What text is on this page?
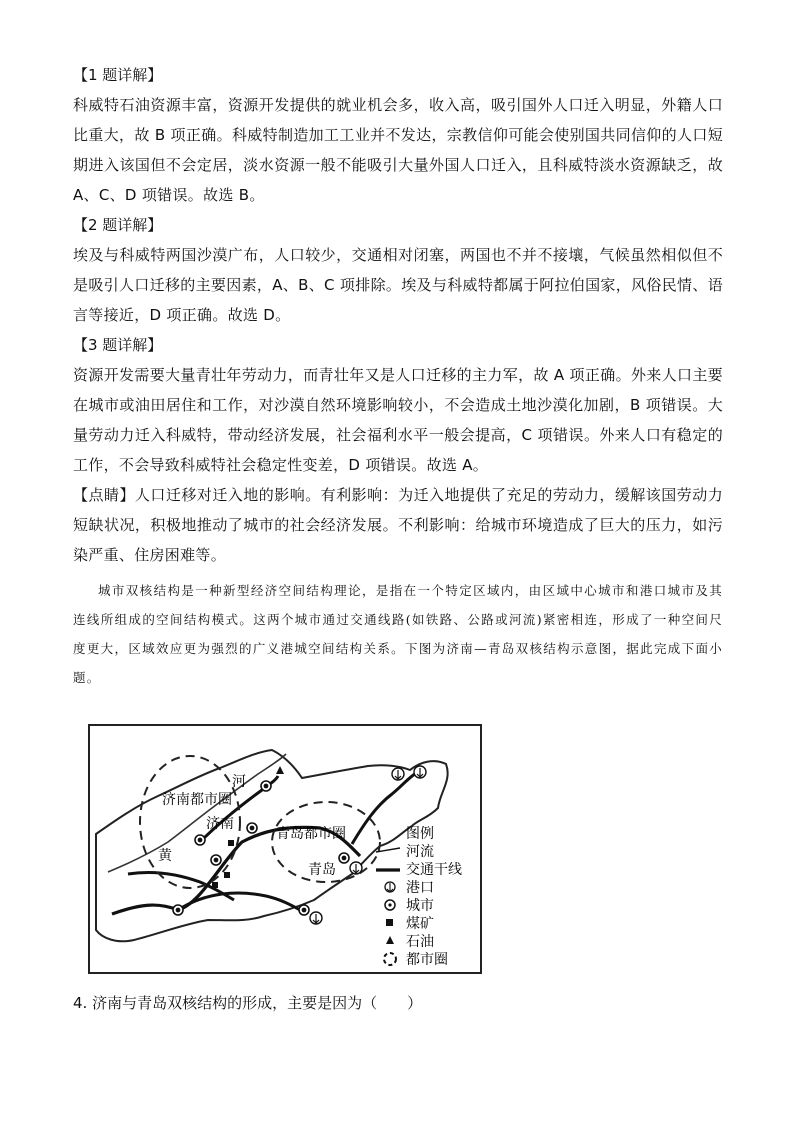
【1 题详解】

科威特石油资源丰富，资源开发提供的就业机会多，收入高，吸引国外人口迁入明显，外籍人口比重大，故 B 项正确。科威特制造加工工业并不发达，宗教信仰可能会使别国共同信仰的人口短期进入该国但不会定居，淡水资源一般不能吸引大量外国人口迁入，且科威特淡水资源缺乏，故 A、C、D 项错误。故选 B。

【2 题详解】

埃及与科威特两国沙漠广布，人口较少，交通相对闭塞，两国也不并不接壤，气候虽然相似但不是吸引人口迁移的主要因素，A、B、C 项排除。埃及与科威特都属于阿拉伯国家，风俗民情、语言等接近，D 项正确。故选 D。

【3 题详解】

资源开发需要大量青壮年劳动力，而青壮年又是人口迁移的主力军，故 A 项正确。外来人口主要在城市或油田居住和工作，对沙漠自然环境影响较小，不会造成土地沙漠化加剧，B 项错误。大量劳动力迁入科威特，带动经济发展，社会福利水平一般会提高，C 项错误。外来人口有稳定的工作，不会导致科威特社会稳定性变差，D 项错误。故选 A。

【点睛】人口迁移对迁入地的影响。有利影响：为迁入地提供了充足的劳动力，缓解该国劳动力短缺状况，积极地推动了城市的社会经济发展。不利影响：给城市环境造成了巨大的压力，如污染严重、住房困难等。

城市双核结构是一种新型经济空间结构理论，是指在一个特定区域内，由区域中心城市和港口城市及其连线所组成的空间结构模式。这两个城市通过交通线路(如铁路、公路或河流)紧密相连，形成了一种空间尺度更大，区域效应更为强烈的广义港城空间结构关系。下图为济南—青岛双核结构示意图，据此完成下面小题。

济南都市圈
济南
河
黄
青岛都市圈
青岛
图例
河流
交通干线
港口
城市
煤矿
石油
都市圈
4. 济南与青岛双核结构的形成，主要是因为（　　）
